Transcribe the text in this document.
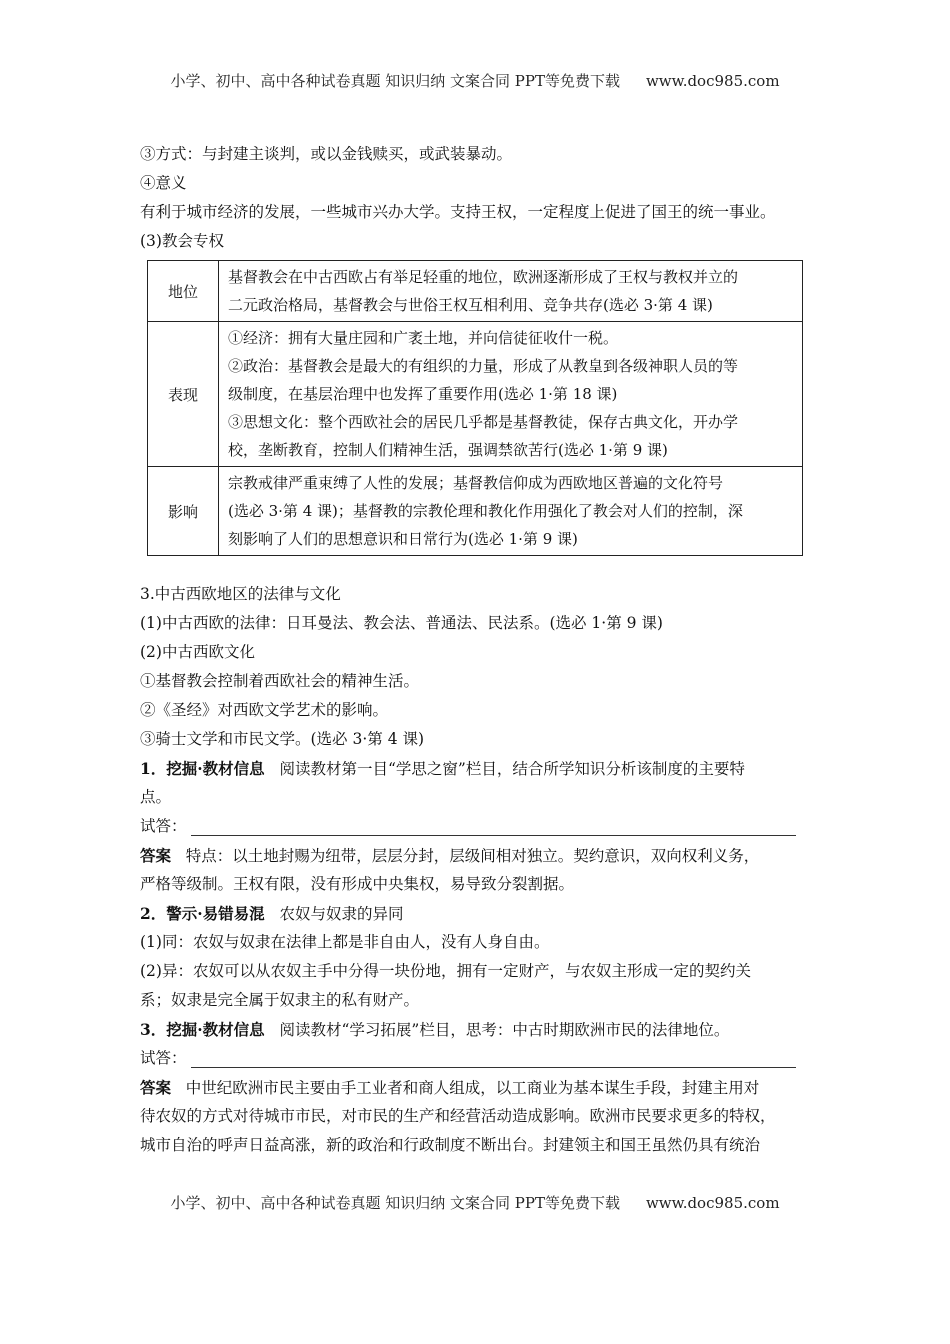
小学、初中、高中各种试卷真题 知识归纳 文案合同 PPT等免费下载 www.doc985.com
③方式：与封建主谈判，或以金钱赎买，或武装暴动。
④意义
有利于城市经济的发展，一些城市兴办大学。支持王权，一定程度上促进了国王的统一事业。
(3)教会专权
地位	基督教会在中古西欧占有举足轻重的地位，欧洲逐渐形成了王权与教权并立的
二元政治格局，基督教会与世俗王权互相利用、竞争共存(选必 3·第 4 课)

表现	①经济：拥有大量庄园和广袤土地，并向信徒征收什一税。
②政治：基督教会是最大的有组织的力量，形成了从教皇到各级神职人员的等
级制度，在基层治理中也发挥了重要作用(选必 1·第 18 课)
③思想文化：整个西欧社会的居民几乎都是基督教徒，保存古典文化，开办学
校，垄断教育，控制人们精神生活，强调禁欲苦行(选必 1·第 9 课)

影响	宗教戒律严重束缚了人性的发展；基督教信仰成为西欧地区普遍的文化符号
(选必 3·第 4 课)；基督教的宗教伦理和教化作用强化了教会对人们的控制，深
刻影响了人们的思想意识和日常行为(选必 1·第 9 课)
3.中古西欧地区的法律与文化
(1)中古西欧的法律：日耳曼法、教会法、普通法、民法系。(选必 1·第 9 课)
(2)中古西欧文化
①基督教会控制着西欧社会的精神生活。
②《圣经》对西欧文学艺术的影响。
③骑士文学和市民文学。(选必 3·第 4 课)
1．挖掘·教材信息 阅读教材第一目“学思之窗”栏目，结合所学知识分析该制度的主要特
点。
试答：
答案 特点：以土地封赐为纽带，层层分封，层级间相对独立。契约意识，双向权利义务，
严格等级制。王权有限，没有形成中央集权，易导致分裂割据。
2．警示·易错易混 农奴与奴隶的异同
(1)同：农奴与奴隶在法律上都是非自由人，没有人身自由。
(2)异：农奴可以从农奴主手中分得一块份地，拥有一定财产，与农奴主形成一定的契约关
系；奴隶是完全属于奴隶主的私有财产。
3．挖掘·教材信息 阅读教材“学习拓展”栏目，思考：中古时期欧洲市民的法律地位。
试答：
答案 中世纪欧洲市民主要由手工业者和商人组成，以工商业为基本谋生手段，封建主用对
待农奴的方式对待城市市民，对市民的生产和经营活动造成影响。欧洲市民要求更多的特权，
城市自治的呼声日益高涨，新的政治和行政制度不断出台。封建领主和国王虽然仍具有统治
小学、初中、高中各种试卷真题 知识归纳 文案合同 PPT等免费下载 www.doc985.com
